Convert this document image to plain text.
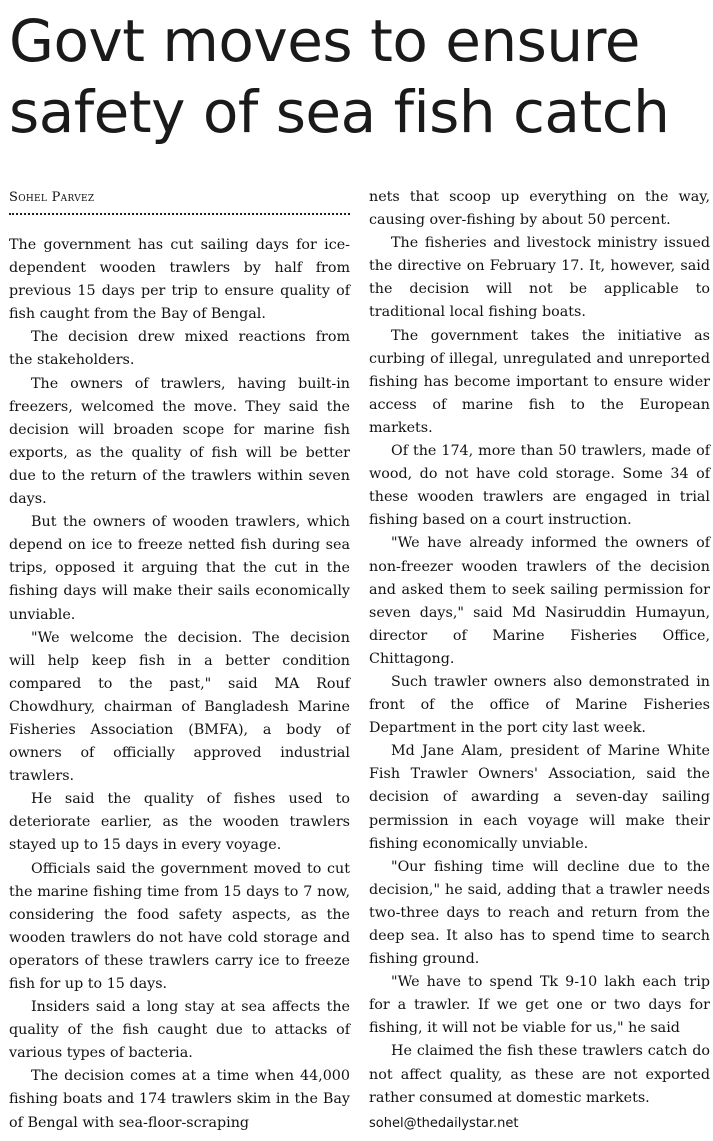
Govt moves to ensure
safety of sea fish catch
Sohel Parvez

The government has cut sailing days for ice-dependent wooden trawlers by half from previous 15 days per trip to ensure quality of fish caught from the Bay of Bengal.

The decision drew mixed reactions from the stakeholders.

The owners of trawlers, having built-in freezers, welcomed the move. They said the decision will broaden scope for marine fish exports, as the quality of fish will be better due to the return of the trawlers within seven days.

But the owners of wooden trawlers, which depend on ice to freeze netted fish during sea trips, opposed it arguing that the cut in the fishing days will make their sails economically unviable.

"We welcome the decision. The decision will help keep fish in a better condition compared to the past," said MA Rouf Chowdhury, chairman of Bangladesh Marine Fisheries Association (BMFA), a body of owners of officially approved industrial trawlers.

He said the quality of fishes used to deteriorate earlier, as the wooden trawlers stayed up to 15 days in every voyage.

Officials said the government moved to cut the marine fishing time from 15 days to 7 now, considering the food safety aspects, as the wooden trawlers do not have cold storage and operators of these trawlers carry ice to freeze fish for up to 15 days.

Insiders said a long stay at sea affects the quality of the fish caught due to attacks of various types of bacteria.

The decision comes at a time when 44,000 fishing boats and 174 trawlers skim in the Bay of Bengal with sea-floor-scraping

nets that scoop up everything on the way, causing over-fishing by about 50 percent.

The fisheries and livestock ministry issued the directive on February 17. It, however, said the decision will not be applicable to traditional local fishing boats.

The government takes the initiative as curbing of illegal, unregulated and unreported fishing has become important to ensure wider access of marine fish to the European markets.

Of the 174, more than 50 trawlers, made of wood, do not have cold storage. Some 34 of these wooden trawlers are engaged in trial fishing based on a court instruction.

"We have already informed the owners of non-freezer wooden trawlers of the decision and asked them to seek sailing permission for seven days," said Md Nasiruddin Humayun, director of Marine Fisheries Office, Chittagong.

Such trawler owners also demonstrated in front of the office of Marine Fisheries Department in the port city last week.

Md Jane Alam, president of Marine White Fish Trawler Owners' Association, said the decision of awarding a seven-day sailing permission in each voyage will make their fishing economically unviable.

"Our fishing time will decline due to the decision," he said, adding that a trawler needs two-three days to reach and return from the deep sea. It also has to spend time to search fishing ground.

"We have to spend Tk 9-10 lakh each trip for a trawler. If we get one or two days for fishing, it will not be viable for us," he said

He claimed the fish these trawlers catch do not affect quality, as these are not exported rather consumed at domestic markets.

sohel@thedailystar.net
